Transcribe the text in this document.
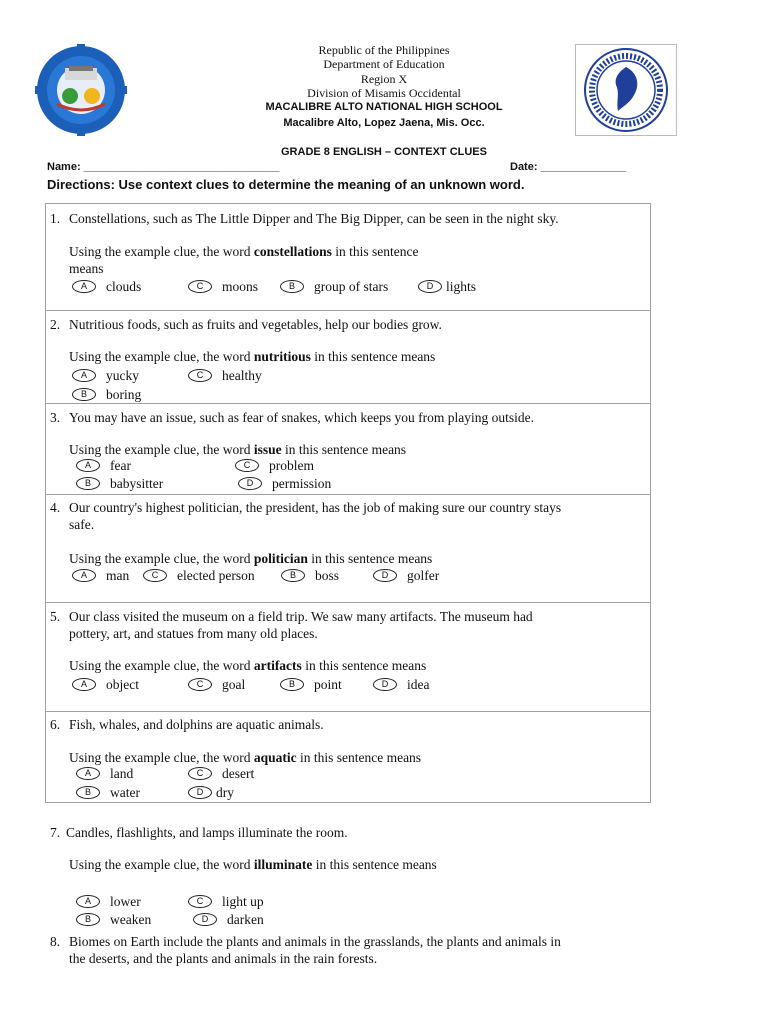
Republic of the Philippines
Department of Education
Region X
Division of Misamis Occidental
MACALIBRE ALTO NATIONAL HIGH SCHOOL
Macalibre Alto, Lopez Jaena, Mis. Occ.
GRADE 8 ENGLISH – CONTEXT CLUES
Name: ________________________________	Date: ______________
Directions: Use context clues to determine the meaning of an unknown word.
1. Constellations, such as The Little Dipper and The Big Dipper, can be seen in the night sky.
Using the example clue, the word constellations in this sentence
means
A clouds	C moons	B group of stars	D lights
2. Nutritious foods, such as fruits and vegetables, help our bodies grow.
Using the example clue, the word nutritious in this sentence means
A yucky	C healthy
B boring
3. You may have an issue, such as fear of snakes, which keeps you from playing outside.
Using the example clue, the word issue in this sentence means
A fear	C problem
B babysitter	D permission
4. Our country's highest politician, the president, has the job of making sure our country stays
safe.
Using the example clue, the word politician in this sentence means
A man	C elected person	B boss	D golfer
5. Our class visited the museum on a field trip. We saw many artifacts. The museum had
pottery, art, and statues from many old places.
Using the example clue, the word artifacts in this sentence means
A object	C goal	B point	D idea
6. Fish, whales, and dolphins are aquatic animals.
Using the example clue, the word aquatic in this sentence means
A land	C desert
B water	D dry
7. Candles, flashlights, and lamps illuminate the room.
Using the example clue, the word illuminate in this sentence means
A lower	C light up
B weaken	D darken
8. Biomes on Earth include the plants and animals in the grasslands, the plants and animals in
the deserts, and the plants and animals in the rain forests.
